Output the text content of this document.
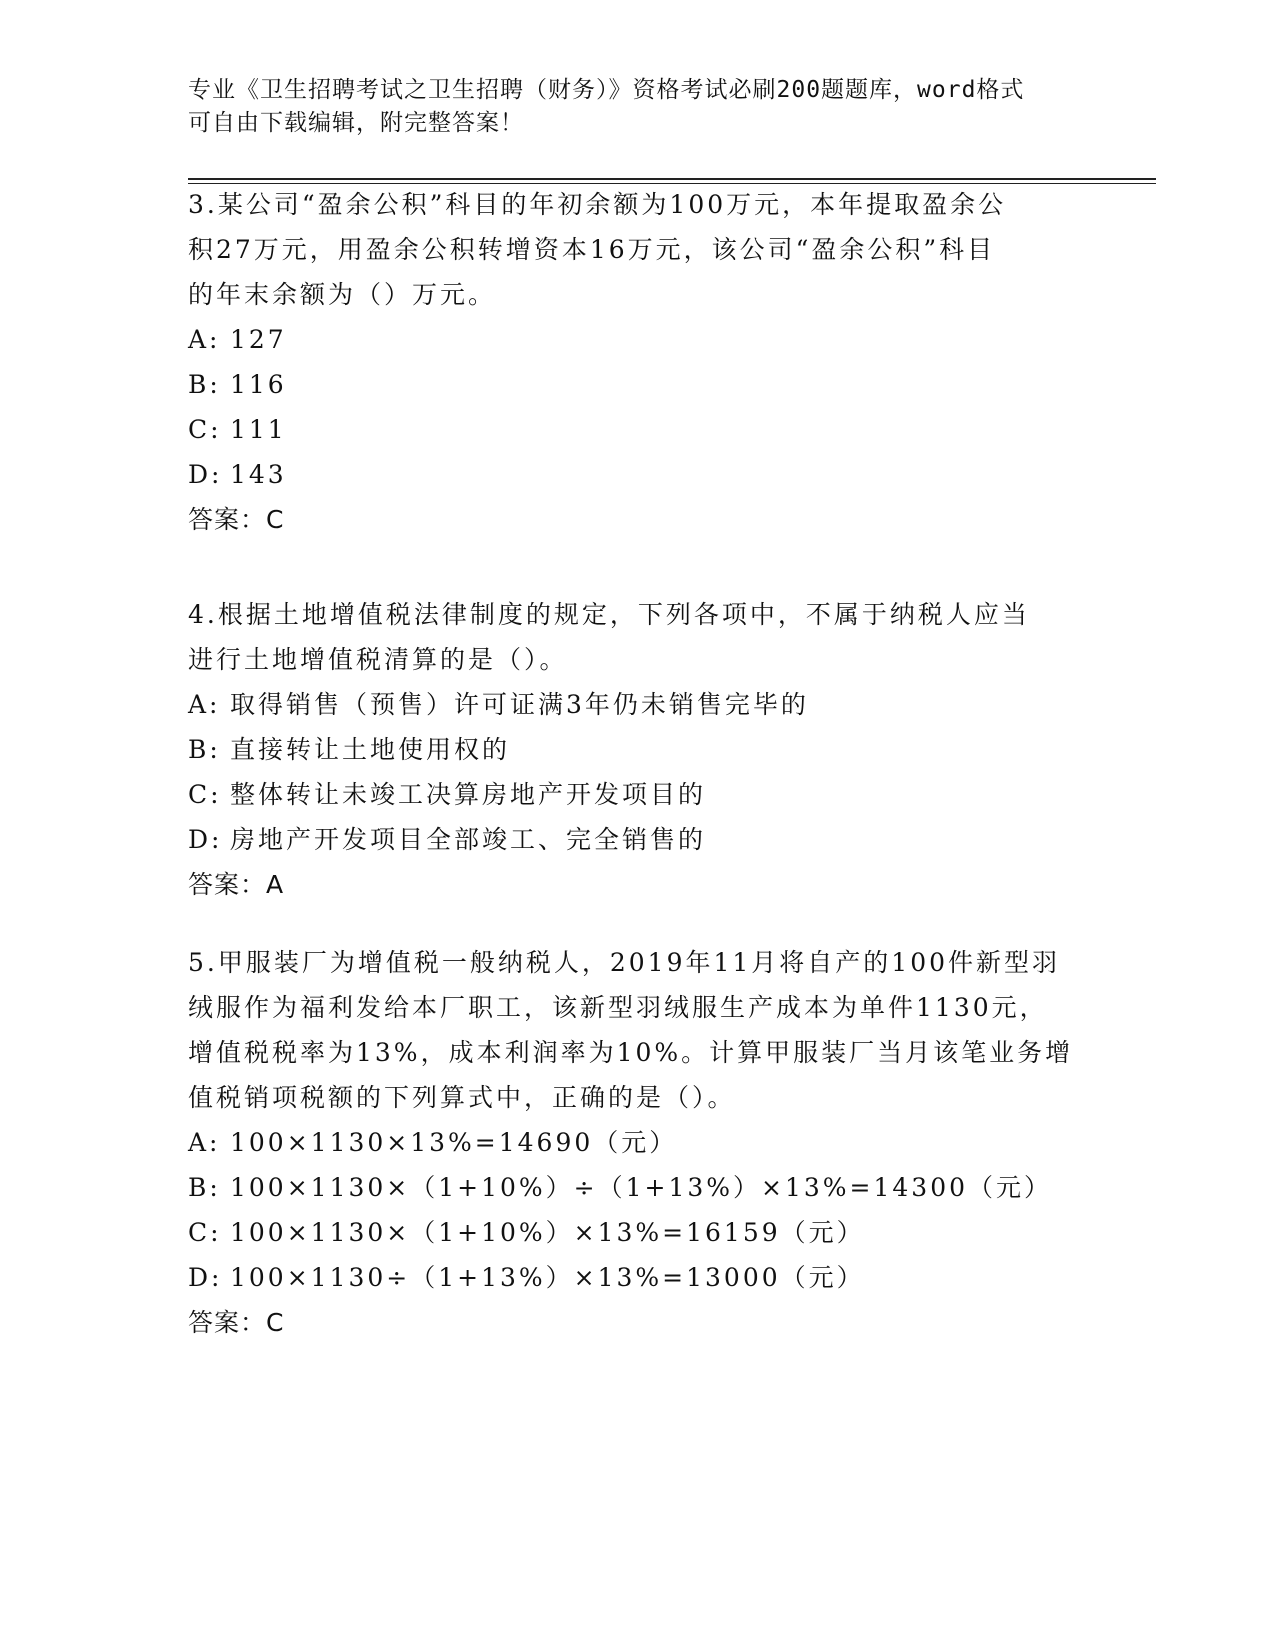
专业《卫生招聘考试之卫生招聘（财务）》资格考试必刷200题题库，word格式
可自由下载编辑，附完整答案！

3.某公司“盈余公积”科目的年初余额为100万元，本年提取盈余公

积27万元，用盈余公积转增资本16万元，该公司“盈余公积”科目

的年末余额为（）万元。

A: 127

B: 116

C: 111

D: 143

答案：C

4.根据土地增值税法律制度的规定，下列各项中，不属于纳税人应当

进行土地增值税清算的是（）。

A: 取得销售（预售）许可证满3年仍未销售完毕的

B: 直接转让土地使用权的

C: 整体转让未竣工决算房地产开发项目的

D: 房地产开发项目全部竣工、完全销售的

答案：A

5.甲服装厂为增值税一般纳税人，2019年11月将自产的100件新型羽

绒服作为福利发给本厂职工，该新型羽绒服生产成本为单件1130元，

增值税税率为13%，成本利润率为10%。计算甲服装厂当月该笔业务增

值税销项税额的下列算式中，正确的是（）。

A: 100×1130×13%=14690（元）

B: 100×1130×（1+10%）÷（1+13%）×13%=14300（元）

C: 100×1130×（1+10%）×13%=16159（元）

D: 100×1130÷（1+13%）×13%=13000（元）

答案：C
